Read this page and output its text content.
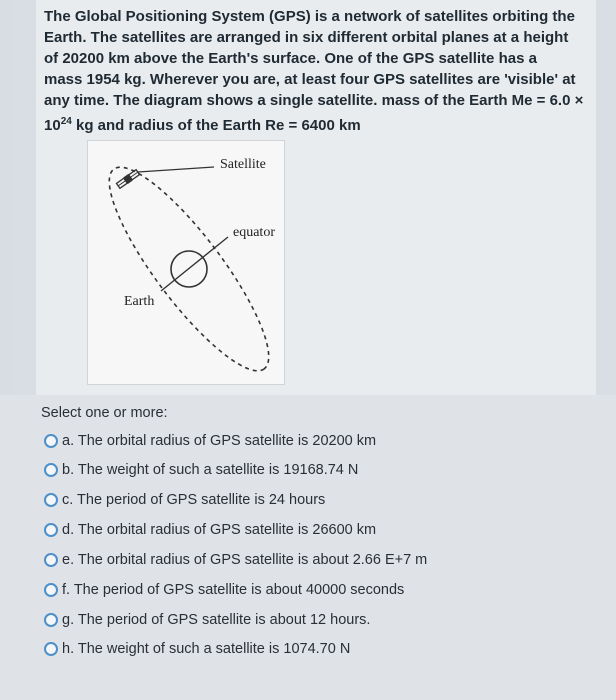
The Global Positioning System (GPS) is a network of satellites orbiting the
Earth. The satellites are arranged in six different orbital planes at a height
of 20200 km above the Earth's surface. One of the GPS satellite has a
mass 1954 kg. Wherever you are, at least four GPS satellites are 'visible' at
any time. The diagram shows a single satellite. mass of the Earth Me = 6.0 ×
$10^{24}$ kg and radius of the Earth Re = 6400 km

Satellite
equator
Earth
Select one or more:
a. The orbital radius of GPS satellite is 20200 km
b. The weight of such a satellite is 19168.74 N
c. The period of GPS satellite is 24 hours
d. The orbital radius of GPS satellite is 26600 km
e. The orbital radius of GPS satellite is about 2.66 E+7 m
f. The period of GPS satellite is about 40000 seconds
g. The period of GPS satellite is about 12 hours.
h. The weight of such a satellite is 1074.70 N
